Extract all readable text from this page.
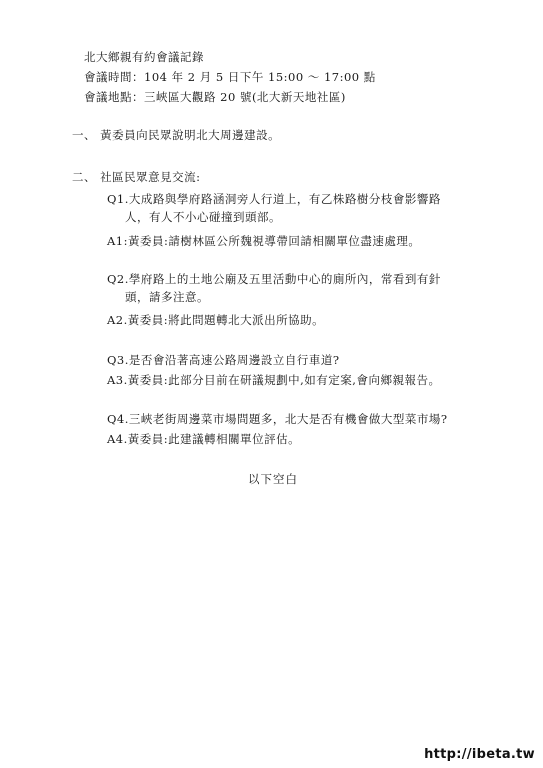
北大鄉親有約會議記錄
會議時間：104 年 2 月 5 日下午 15:00 ～ 17:00 點
會議地點：三峽區大觀路 20 號(北大新天地社區)
一、 黃委員向民眾說明北大周邊建設。
二、 社區民眾意見交流:
Q1.大成路與學府路涵洞旁人行道上，有乙株路樹分枝會影響路
人，有人不小心碰撞到頭部。
A1:黃委員:請樹林區公所魏視導帶回請相關單位盡速處理。
Q2.學府路上的土地公廟及五里活動中心的廁所內，常看到有針
頭，請多注意。
A2.黃委員:將此問題轉北大派出所協助。
Q3.是否會沿著高速公路周邊設立自行車道?
A3.黃委員:此部分目前在研議規劃中,如有定案,會向鄉親報告。
Q4.三峽老街周邊菜市場問題多，北大是否有機會做大型菜市場?
A4.黃委員:此建議轉相關單位評估。
以下空白
http://ibeta.tw
